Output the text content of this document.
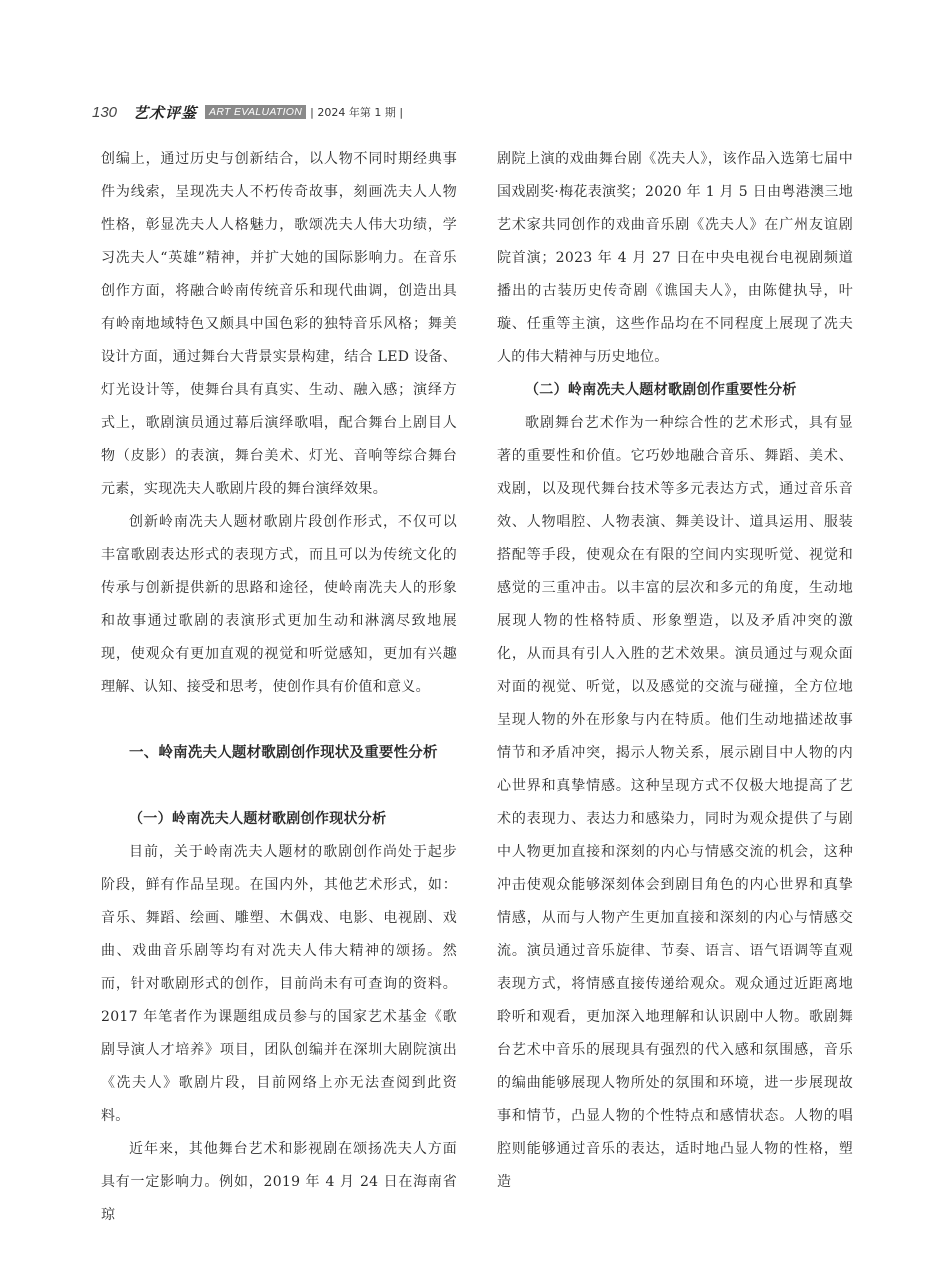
130 艺术评鉴	ART EVALUATION | 2024 年第 1 期 |

创编上，通过历史与创新结合，以人物不同时期经典事件为线索，呈现冼夫人不朽传奇故事，刻画冼夫人人物性格，彰显冼夫人人格魅力，歌颂冼夫人伟大功绩，学习冼夫人“英雄”精神，并扩大她的国际影响力。在音乐创作方面，将融合岭南传统音乐和现代曲调，创造出具有岭南地域特色又颇具中国色彩的独特音乐风格；舞美设计方面，通过舞台大背景实景构建，结合 LED 设备、灯光设计等，使舞台具有真实、生动、融入感；演绎方式上，歌剧演员通过幕后演绎歌唱，配合舞台上剧目人物（皮影）的表演，舞台美术、灯光、音响等综合舞台元素，实现冼夫人歌剧片段的舞台演绎效果。

创新岭南冼夫人题材歌剧片段创作形式，不仅可以丰富歌剧表达形式的表现方式，而且可以为传统文化的传承与创新提供新的思路和途径，使岭南冼夫人的形象和故事通过歌剧的表演形式更加生动和淋漓尽致地展现，使观众有更加直观的视觉和听觉感知，更加有兴趣理解、认知、接受和思考，使创作具有价值和意义。

一、岭南冼夫人题材歌剧创作现状及重要性分析
（一）岭南冼夫人题材歌剧创作现状分析

目前，关于岭南冼夫人题材的歌剧创作尚处于起步阶段，鲜有作品呈现。在国内外，其他艺术形式，如：音乐、舞蹈、绘画、雕塑、木偶戏、电影、电视剧、戏曲、戏曲音乐剧等均有对冼夫人伟大精神的颂扬。然而，针对歌剧形式的创作，目前尚未有可查询的资料。2017 年笔者作为课题组成员参与的国家艺术基金《歌剧导演人才培养》项目，团队创编并在深圳大剧院演出《冼夫人》歌剧片段，目前网络上亦无法查阅到此资料。

近年来，其他舞台艺术和影视剧在颂扬冼夫人方面具有一定影响力。例如，2019 年 4 月 24 日在海南省琼

剧院上演的戏曲舞台剧《冼夫人》，该作品入选第七届中国戏剧奖·梅花表演奖；2020 年 1 月 5 日由粤港澳三地艺术家共同创作的戏曲音乐剧《冼夫人》在广州友谊剧院首演；2023 年 4 月 27 日在中央电视台电视剧频道播出的古装历史传奇剧《谯国夫人》，由陈健执导，叶璇、任重等主演，这些作品均在不同程度上展现了冼夫人的伟大精神与历史地位。

（二）岭南冼夫人题材歌剧创作重要性分析

歌剧舞台艺术作为一种综合性的艺术形式，具有显著的重要性和价值。它巧妙地融合音乐、舞蹈、美术、戏剧，以及现代舞台技术等多元表达方式，通过音乐音效、人物唱腔、人物表演、舞美设计、道具运用、服装搭配等手段，使观众在有限的空间内实现听觉、视觉和感觉的三重冲击。以丰富的层次和多元的角度，生动地展现人物的性格特质、形象塑造，以及矛盾冲突的激化，从而具有引人入胜的艺术效果。演员通过与观众面对面的视觉、听觉，以及感觉的交流与碰撞，全方位地呈现人物的外在形象与内在特质。他们生动地描述故事情节和矛盾冲突，揭示人物关系，展示剧目中人物的内心世界和真挚情感。这种呈现方式不仅极大地提高了艺术的表现力、表达力和感染力，同时为观众提供了与剧中人物更加直接和深刻的内心与情感交流的机会，这种冲击使观众能够深刻体会到剧目角色的内心世界和真挚情感，从而与人物产生更加直接和深刻的内心与情感交流。演员通过音乐旋律、节奏、语言、语气语调等直观表现方式，将情感直接传递给观众。观众通过近距离地聆听和观看，更加深入地理解和认识剧中人物。歌剧舞台艺术中音乐的展现具有强烈的代入感和氛围感，音乐的编曲能够展现人物所处的氛围和环境，进一步展现故事和情节，凸显人物的个性特点和感情状态。人物的唱腔则能够通过音乐的表达，适时地凸显人物的性格，塑造
